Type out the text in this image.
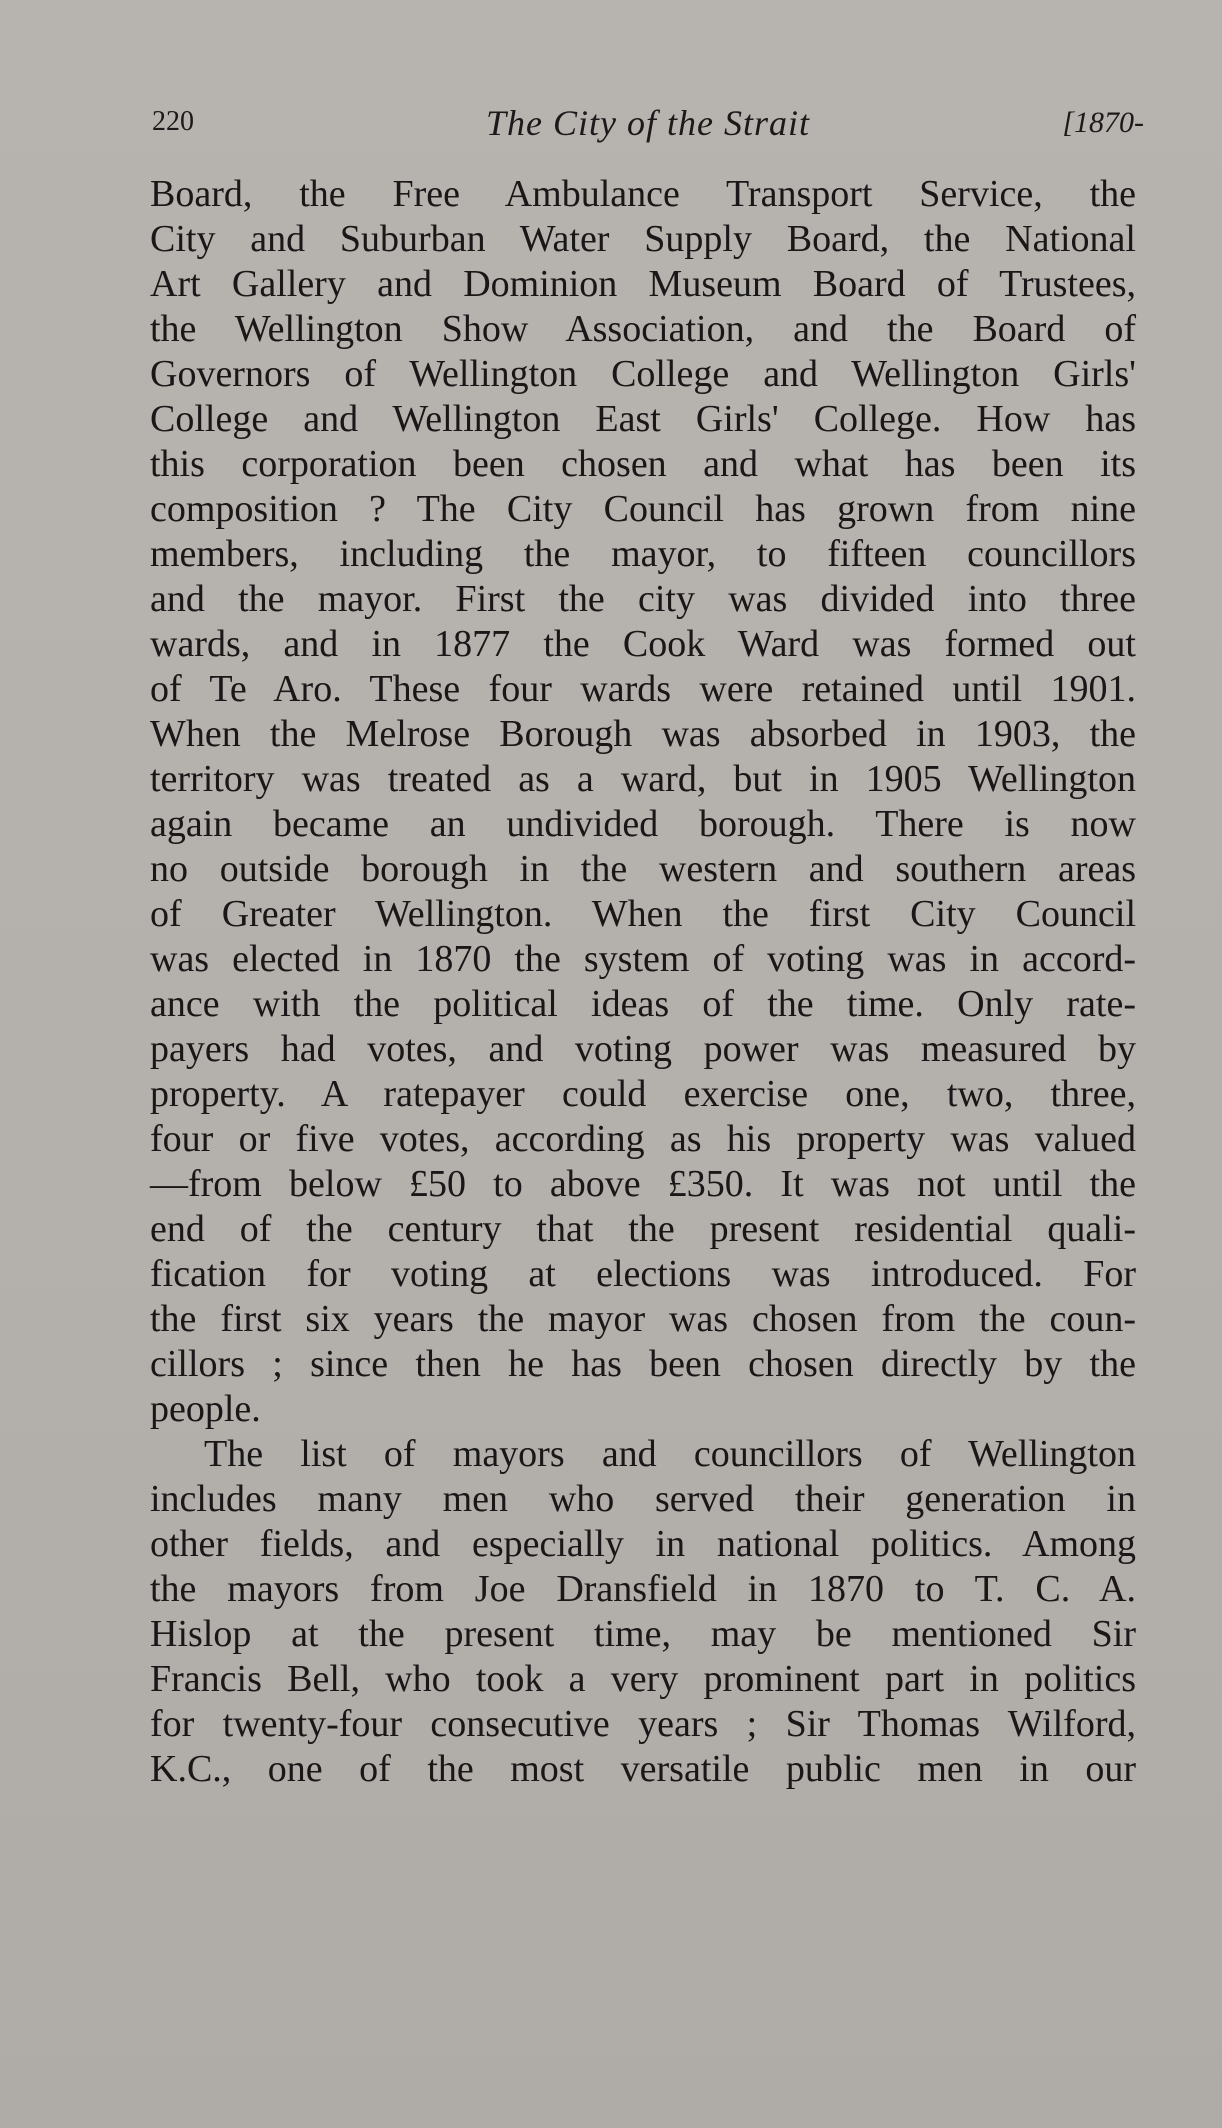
220	The City of the Strait	[1870-
Board, the Free Ambulance Transport Service, the
City and Suburban Water Supply Board, the National
Art Gallery and Dominion Museum Board of Trustees,
the Wellington Show Association, and the Board of
Governors of Wellington College and Wellington Girls'
College and Wellington East Girls' College. How has
this corporation been chosen and what has been its
composition ? The City Council has grown from nine
members, including the mayor, to fifteen councillors
and the mayor. First the city was divided into three
wards, and in 1877 the Cook Ward was formed out
of Te Aro. These four wards were retained until 1901.
When the Melrose Borough was absorbed in 1903, the
territory was treated as a ward, but in 1905 Wellington
again became an undivided borough. There is now
no outside borough in the western and southern areas
of Greater Wellington. When the first City Council
was elected in 1870 the system of voting was in accord-
ance with the political ideas of the time. Only rate-
payers had votes, and voting power was measured by
property. A ratepayer could exercise one, two, three,
four or five votes, according as his property was valued
—from below £50 to above £350. It was not until the
end of the century that the present residential quali-
fication for voting at elections was introduced. For
the first six years the mayor was chosen from the coun-
cillors ; since then he has been chosen directly by the
people.
The list of mayors and councillors of Wellington
includes many men who served their generation in
other fields, and especially in national politics. Among
the mayors from Joe Dransfield in 1870 to T. C. A.
Hislop at the present time, may be mentioned Sir
Francis Bell, who took a very prominent part in politics
for twenty-four consecutive years ; Sir Thomas Wilford,
K.C., one of the most versatile public men in our
